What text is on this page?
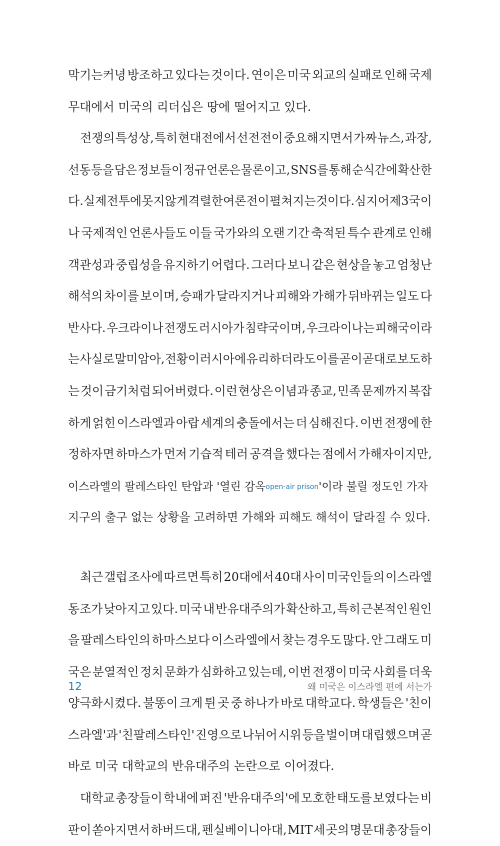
막기는커녕 방조하고 있다는 것이다. 연이은 미국 외교의 실패로 인해 국제
무대에서 미국의 리더십은 땅에 떨어지고 있다.
전쟁의 특성상, 특히 현대전에서 선전전이 중요해지면서 가짜 뉴스, 과장,
선동 등을 담은 정보들이 정규 언론은 물론이고, SNS를 통해 순식간에 확산한
다. 실제 전투에 못지않게 격렬한 여론전이 펼쳐지는 것이다. 심지어 제3국이
나 국제적인 언론사들도 이들 국가와의 오랜 기간 축적된 특수 관계로 인해
객관성과 중립성을 유지하기 어렵다. 그러다 보니 같은 현상을 놓고 엄청난
해석의 차이를 보이며, 승패가 달라지거나 피해와 가해가 뒤바뀌는 일도 다
반사다. 우크라이나 전쟁도 러시아가 침략국이며, 우크라이나는 피해국이라
는 사실로 말미암아, 전황이 러시아에 유리하더라도 이를 곧이곧대로 보도하
는 것이 금기처럼 되어버렸다. 이런 현상은 이념과 종교, 민족 문제까지 복잡
하게 얽힌 이스라엘과 아랍 세계의 충돌에서는 더 심해진다. 이번 전쟁에 한
정하자면 하마스가 먼저 기습적 테러 공격을 했다는 점에서 가해자이지만,
이스라엘의 팔레스타인 탄압과 '열린 감옥open-air prison'이라 불릴 정도인 가자
지구의 출구 없는 상황을 고려하면 가해와 피해도 해석이 달라질 수 있다.
최근 갤럽 조사에 따르면 특히 20대에서 40대 사이 미국인들의 이스라엘
동조가 낮아지고 있다. 미국 내 반유대주의가 확산하고, 특히 근본적인 원인
을 팔레스타인의 하마스보다 이스라엘에서 찾는 경우도 많다. 안 그래도 미
국은 분열적인 정치 문화가 심화하고 있는데, 이번 전쟁이 미국 사회를 더욱
양극화시켰다. 불똥이 크게 튄 곳 중 하나가 바로 대학교다. 학생들은 '친이
스라엘'과 '친팔레스타인' 진영으로 나뉘어 시위 등을 벌이며 대립했으며 곧
바로 미국 대학교의 반유대주의 논란으로 이어졌다.
대학교 총장들이 학내에 퍼진 '반유대주의'에 모호한 태도를 보였다는 비
판이 쏟아지면서 하버드대, 펜실베이니아대, MIT 세 곳의 명문대 총장들이
12	왜 미국은 이스라엘 편에 서는가
